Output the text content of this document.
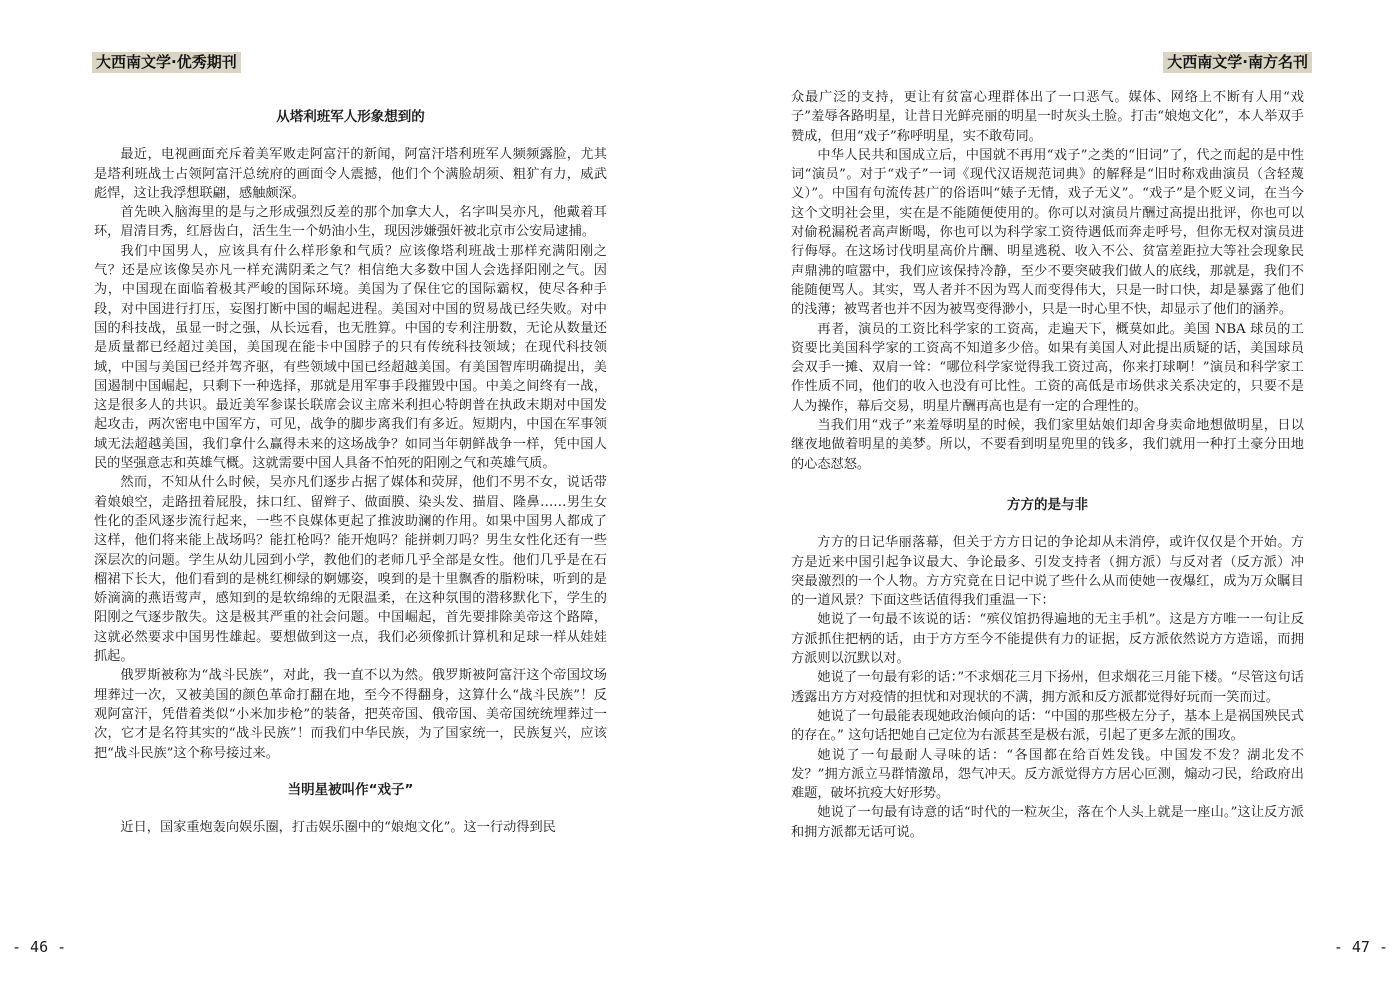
大西南文学·优秀期刊
从塔利班军人形象想到的

最近，电视画面充斥着美军败走阿富汗的新闻，阿富汗塔利班军人频频露脸，尤其是塔利班战士占领阿富汗总统府的画面令人震撼，他们个个满脸胡须、粗犷有力，威武彪悍，这让我浮想联翩，感触颇深。

首先映入脑海里的是与之形成强烈反差的那个加拿大人，名字叫吴亦凡，他戴着耳环，眉清目秀，红唇齿白，活生生一个奶油小生，现因涉嫌强奸被北京市公安局逮捕。

我们中国男人，应该具有什么样形象和气质？应该像塔利班战士那样充满阳刚之气？还是应该像吴亦凡一样充满阴柔之气？相信绝大多数中国人会选择阳刚之气。因为，中国现在面临着极其严峻的国际环境。美国为了保住它的国际霸权，使尽各种手段，对中国进行打压，妄图打断中国的崛起进程。美国对中国的贸易战已经失败。对中国的科技战，虽显一时之强，从长远看，也无胜算。中国的专利注册数，无论从数量还是质量都已经超过美国，美国现在能卡中国脖子的只有传统科技领域；在现代科技领域，中国与美国已经并驾齐驱，有些领域中国已经超越美国。有美国智库明确提出，美国遏制中国崛起，只剩下一种选择，那就是用军事手段摧毁中国。中美之间终有一战，这是很多人的共识。最近美军参谋长联席会议主席米利担心特朗普在执政末期对中国发起攻击，两次密电中国军方，可见，战争的脚步离我们有多近。短期内，中国在军事领域无法超越美国，我们拿什么赢得未来的这场战争？如同当年朝鲜战争一样，凭中国人民的坚强意志和英雄气概。这就需要中国人具备不怕死的阳刚之气和英雄气质。

然而，不知从什么时候，吴亦凡们逐步占据了媒体和荧屏，他们不男不女，说话带着娘娘空，走路扭着屁股，抹口红、留辫子、做面膜、染头发、描眉、隆鼻……男生女性化的歪风逐步流行起来，一些不良媒体更起了推波助澜的作用。如果中国男人都成了这样，他们将来能上战场吗？能扛枪吗？能开炮吗？能拼刺刀吗？男生女性化还有一些深层次的问题。学生从幼儿园到小学，教他们的老师几乎全部是女性。他们几乎是在石榴裙下长大，他们看到的是桃红柳绿的婀娜姿，嗅到的是十里飘香的脂粉味，听到的是娇滴滴的燕语莺声，感知到的是软绵绵的无限温柔，在这种氛围的潜移默化下，学生的阳刚之气逐步散失。这是极其严重的社会问题。中国崛起，首先要排除美帝这个路障，这就必然要求中国男性雄起。要想做到这一点，我们必须像抓计算机和足球一样从娃娃抓起。

俄罗斯被称为“战斗民族”，对此，我一直不以为然。俄罗斯被阿富汗这个帝国坟场埋葬过一次，又被美国的颜色革命打翻在地，至今不得翻身，这算什么“战斗民族”！反观阿富汗，凭借着类似“小米加步枪”的装备，把英帝国、俄帝国、美帝国统统埋葬过一次，它才是名符其实的“战斗民族”！而我们中华民族，为了国家统一，民族复兴，应该把“战斗民族”这个称号接过来。

当明星被叫作“戏子”

近日，国家重炮轰向娱乐圈，打击娱乐圈中的“娘炮文化”。这一行动得到民

- 46 -
大西南文学·南方名刊

众最广泛的支持，更让有贫富心理群体出了一口恶气。媒体、网络上不断有人用“戏子”羞辱各路明星，让昔日光鲜亮丽的明星一时灰头土脸。打击“娘炮文化”，本人举双手赞成，但用“戏子”称呼明星，实不敢苟同。

中华人民共和国成立后，中国就不再用“戏子”之类的“旧词”了，代之而起的是中性词“演员”。对于“戏子”一词《现代汉语规范词典》的解释是“旧时称戏曲演员（含轻蔑义）”。中国有句流传甚广的俗语叫“婊子无情，戏子无义”。“戏子”是个贬义词，在当今这个文明社会里，实在是不能随便使用的。你可以对演员片酬过高提出批评，你也可以对偷税漏税者高声断喝，你也可以为科学家工资待遇低而奔走呼号，但你无权对演员进行侮辱。在这场讨伐明星高价片酬、明星逃税、收入不公、贫富差距拉大等社会现象民声鼎沸的喧嚣中，我们应该保持冷静，至少不要突破我们做人的底线，那就是，我们不能随便骂人。其实，骂人者并不因为骂人而变得伟大，只是一时口快，却是暴露了他们的浅薄；被骂者也并不因为被骂变得渺小，只是一时心里不快，却显示了他们的涵养。

再者，演员的工资比科学家的工资高，走遍天下，概莫如此。美国 NBA 球员的工资要比美国科学家的工资高不知道多少倍。如果有美国人对此提出质疑的话，美国球员会双手一摊、双肩一耸：“哪位科学家觉得我工资过高，你来打球啊！”演员和科学家工作性质不同，他们的收入也没有可比性。工资的高低是市场供求关系决定的，只要不是人为操作，幕后交易，明星片酬再高也是有一定的合理性的。

当我们用“戏子”来羞辱明星的时候，我们家里姑娘们却舍身卖命地想做明星，日以继夜地做着明星的美梦。所以，不要看到明星兜里的钱多，我们就用一种打土豪分田地的心态怼怒。

方方的是与非

方方的日记华丽落幕，但关于方方日记的争论却从未消停，或许仅仅是个开始。方方是近来中国引起争议最大、争论最多、引发支持者（拥方派）与反对者（反方派）冲突最激烈的一个人物。方方究竟在日记中说了些什么从而使她一夜爆红，成为万众瞩目的一道风景？下面这些话值得我们重温一下：

她说了一句最不该说的话：“殡仪馆扔得遍地的无主手机”。这是方方唯一一句让反方派抓住把柄的话，由于方方至今不能提供有力的证据，反方派依然说方方造谣，而拥方派则以沉默以对。

她说了一句最有彩的话：”不求烟花三月下扬州，但求烟花三月能下楼。“尽管这句话透露出方方对疫情的担忧和对现状的不满，拥方派和反方派都觉得好玩而一笑而过。

她说了一句最能表现她政治倾向的话：“中国的那些极左分子，基本上是祸国殃民式的存在。” 这句话把她自己定位为右派甚至是极右派，引起了更多左派的围攻。

她说了一句最耐人寻味的话：“各国都在给百姓发钱。中国发不发？湖北发不发？”拥方派立马群情激昂，怨气冲天。反方派觉得方方居心叵测，煽动刁民，给政府出难题，破坏抗疫大好形势。

她说了一句最有诗意的话“时代的一粒灰尘，落在个人头上就是一座山。”这让反方派和拥方派都无话可说。

- 47 -
